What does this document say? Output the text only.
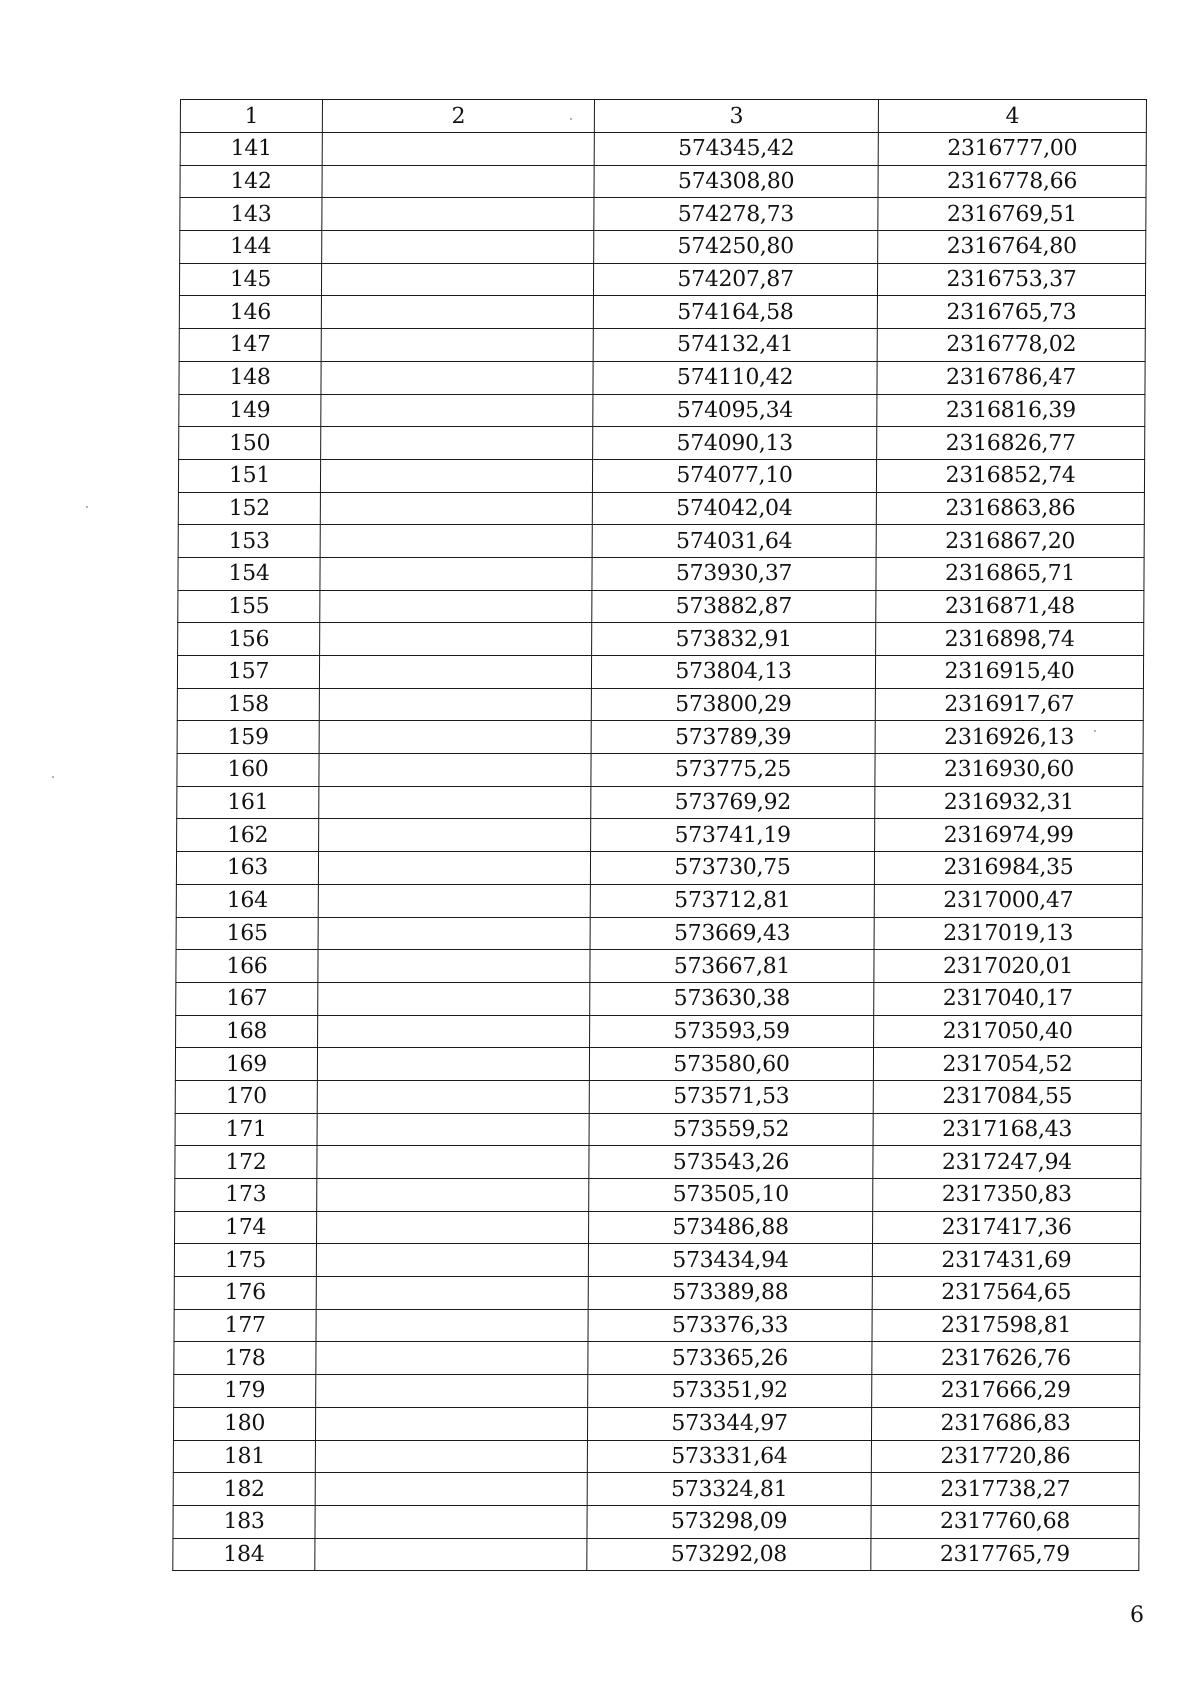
1	2	3	4
141		574345,42	2316777,00
142		574308,80	2316778,66
143		574278,73	2316769,51
144		574250,80	2316764,80
145		574207,87	2316753,37
146		574164,58	2316765,73
147		574132,41	2316778,02
148		574110,42	2316786,47
149		574095,34	2316816,39
150		574090,13	2316826,77
151		574077,10	2316852,74
152		574042,04	2316863,86
153		574031,64	2316867,20
154		573930,37	2316865,71
155		573882,87	2316871,48
156		573832,91	2316898,74
157		573804,13	2316915,40
158		573800,29	2316917,67
159		573789,39	2316926,13
160		573775,25	2316930,60
161		573769,92	2316932,31
162		573741,19	2316974,99
163		573730,75	2316984,35
164		573712,81	2317000,47
165		573669,43	2317019,13
166		573667,81	2317020,01
167		573630,38	2317040,17
168		573593,59	2317050,40
169		573580,60	2317054,52
170		573571,53	2317084,55
171		573559,52	2317168,43
172		573543,26	2317247,94
173		573505,10	2317350,83
174		573486,88	2317417,36
175		573434,94	2317431,69
176		573389,88	2317564,65
177		573376,33	2317598,81
178		573365,26	2317626,76
179		573351,92	2317666,29
180		573344,97	2317686,83
181		573331,64	2317720,86
182		573324,81	2317738,27
183		573298,09	2317760,68
184		573292,08	2317765,79
6
